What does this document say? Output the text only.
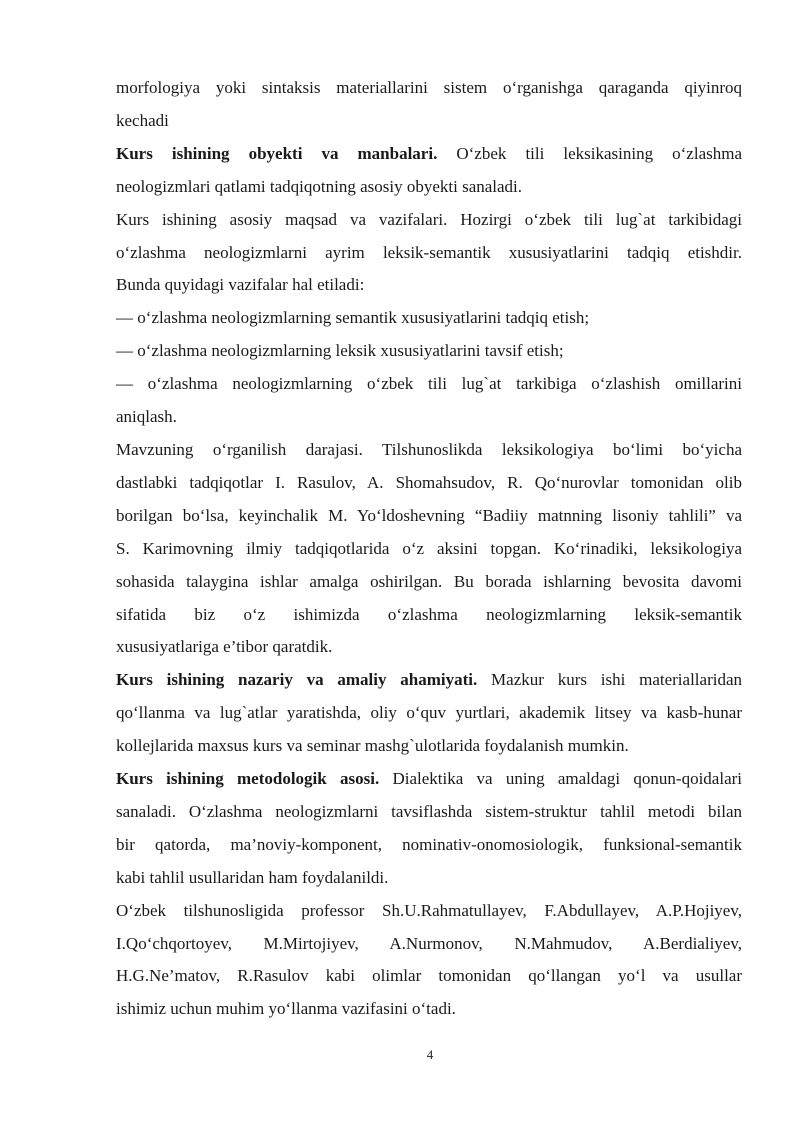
morfologiya yoki sintaksis materiallarini sistem o‘rganishga qaraganda qiyinroq

kechadi

Kurs ishining obyekti va manbalari. O‘zbek tili leksikasining o‘zlashma

neologizmlari qatlami tadqiqotning asosiy obyekti sanaladi.

Kurs ishining asosiy maqsad va vazifalari. Hozirgi o‘zbek tili lug`at tarkibidagi

o‘zlashma neologizmlarni ayrim leksik-semantik xususiyatlarini tadqiq etishdir.

Bunda quyidagi vazifalar hal etiladi:

— o‘zlashma neologizmlarning semantik xususiyatlarini tadqiq etish;

— o‘zlashma neologizmlarning leksik xususiyatlarini tavsif etish;

— o‘zlashma neologizmlarning o‘zbek tili lug`at tarkibiga o‘zlashish omillarini

aniqlash.

Mavzuning o‘rganilish darajasi. Tilshunoslikda leksikologiya bo‘limi bo‘yicha

dastlabki tadqiqotlar I. Rasulov, A. Shomahsudov, R. Qo‘nurovlar tomonidan olib

borilgan bo‘lsa, keyinchalik M. Yo‘ldoshevning “Badiiy matnning lisoniy tahlili” va

S. Karimovning ilmiy tadqiqotlarida o‘z aksini topgan. Ko‘rinadiki, leksikologiya

sohasida talaygina ishlar amalga oshirilgan. Bu borada ishlarning bevosita davomi

sifatida biz o‘z ishimizda o‘zlashma neologizmlarning leksik-semantik

xususiyatlariga e’tibor qaratdik.

Kurs ishining nazariy va amaliy ahamiyati. Mazkur kurs ishi materiallaridan

qo‘llanma va lug`atlar yaratishda, oliy o‘quv yurtlari, akademik litsey va kasb-hunar

kollejlarida maxsus kurs va seminar mashg`ulotlarida foydalanish mumkin.

Kurs ishining metodologik asosi. Dialektika va uning amaldagi qonun-qoidalari

sanaladi. O‘zlashma neologizmlarni tavsiflashda sistem-struktur tahlil metodi bilan

bir qatorda, ma’noviy-komponent, nominativ-onomosiologik, funksional-semantik

kabi tahlil usullaridan ham foydalanildi.

O‘zbek tilshunosligida professor Sh.U.Rahmatullayev, F.Abdullayev, A.P.Hojiyev,

I.Qo‘chqortoyev, M.Mirtojiyev, A.Nurmonov, N.Mahmudov, A.Berdialiyev,

H.G.Ne’matov, R.Rasulov kabi olimlar tomonidan qo‘llangan yo‘l va usullar

ishimiz uchun muhim yo‘llanma vazifasini o‘tadi.

4
